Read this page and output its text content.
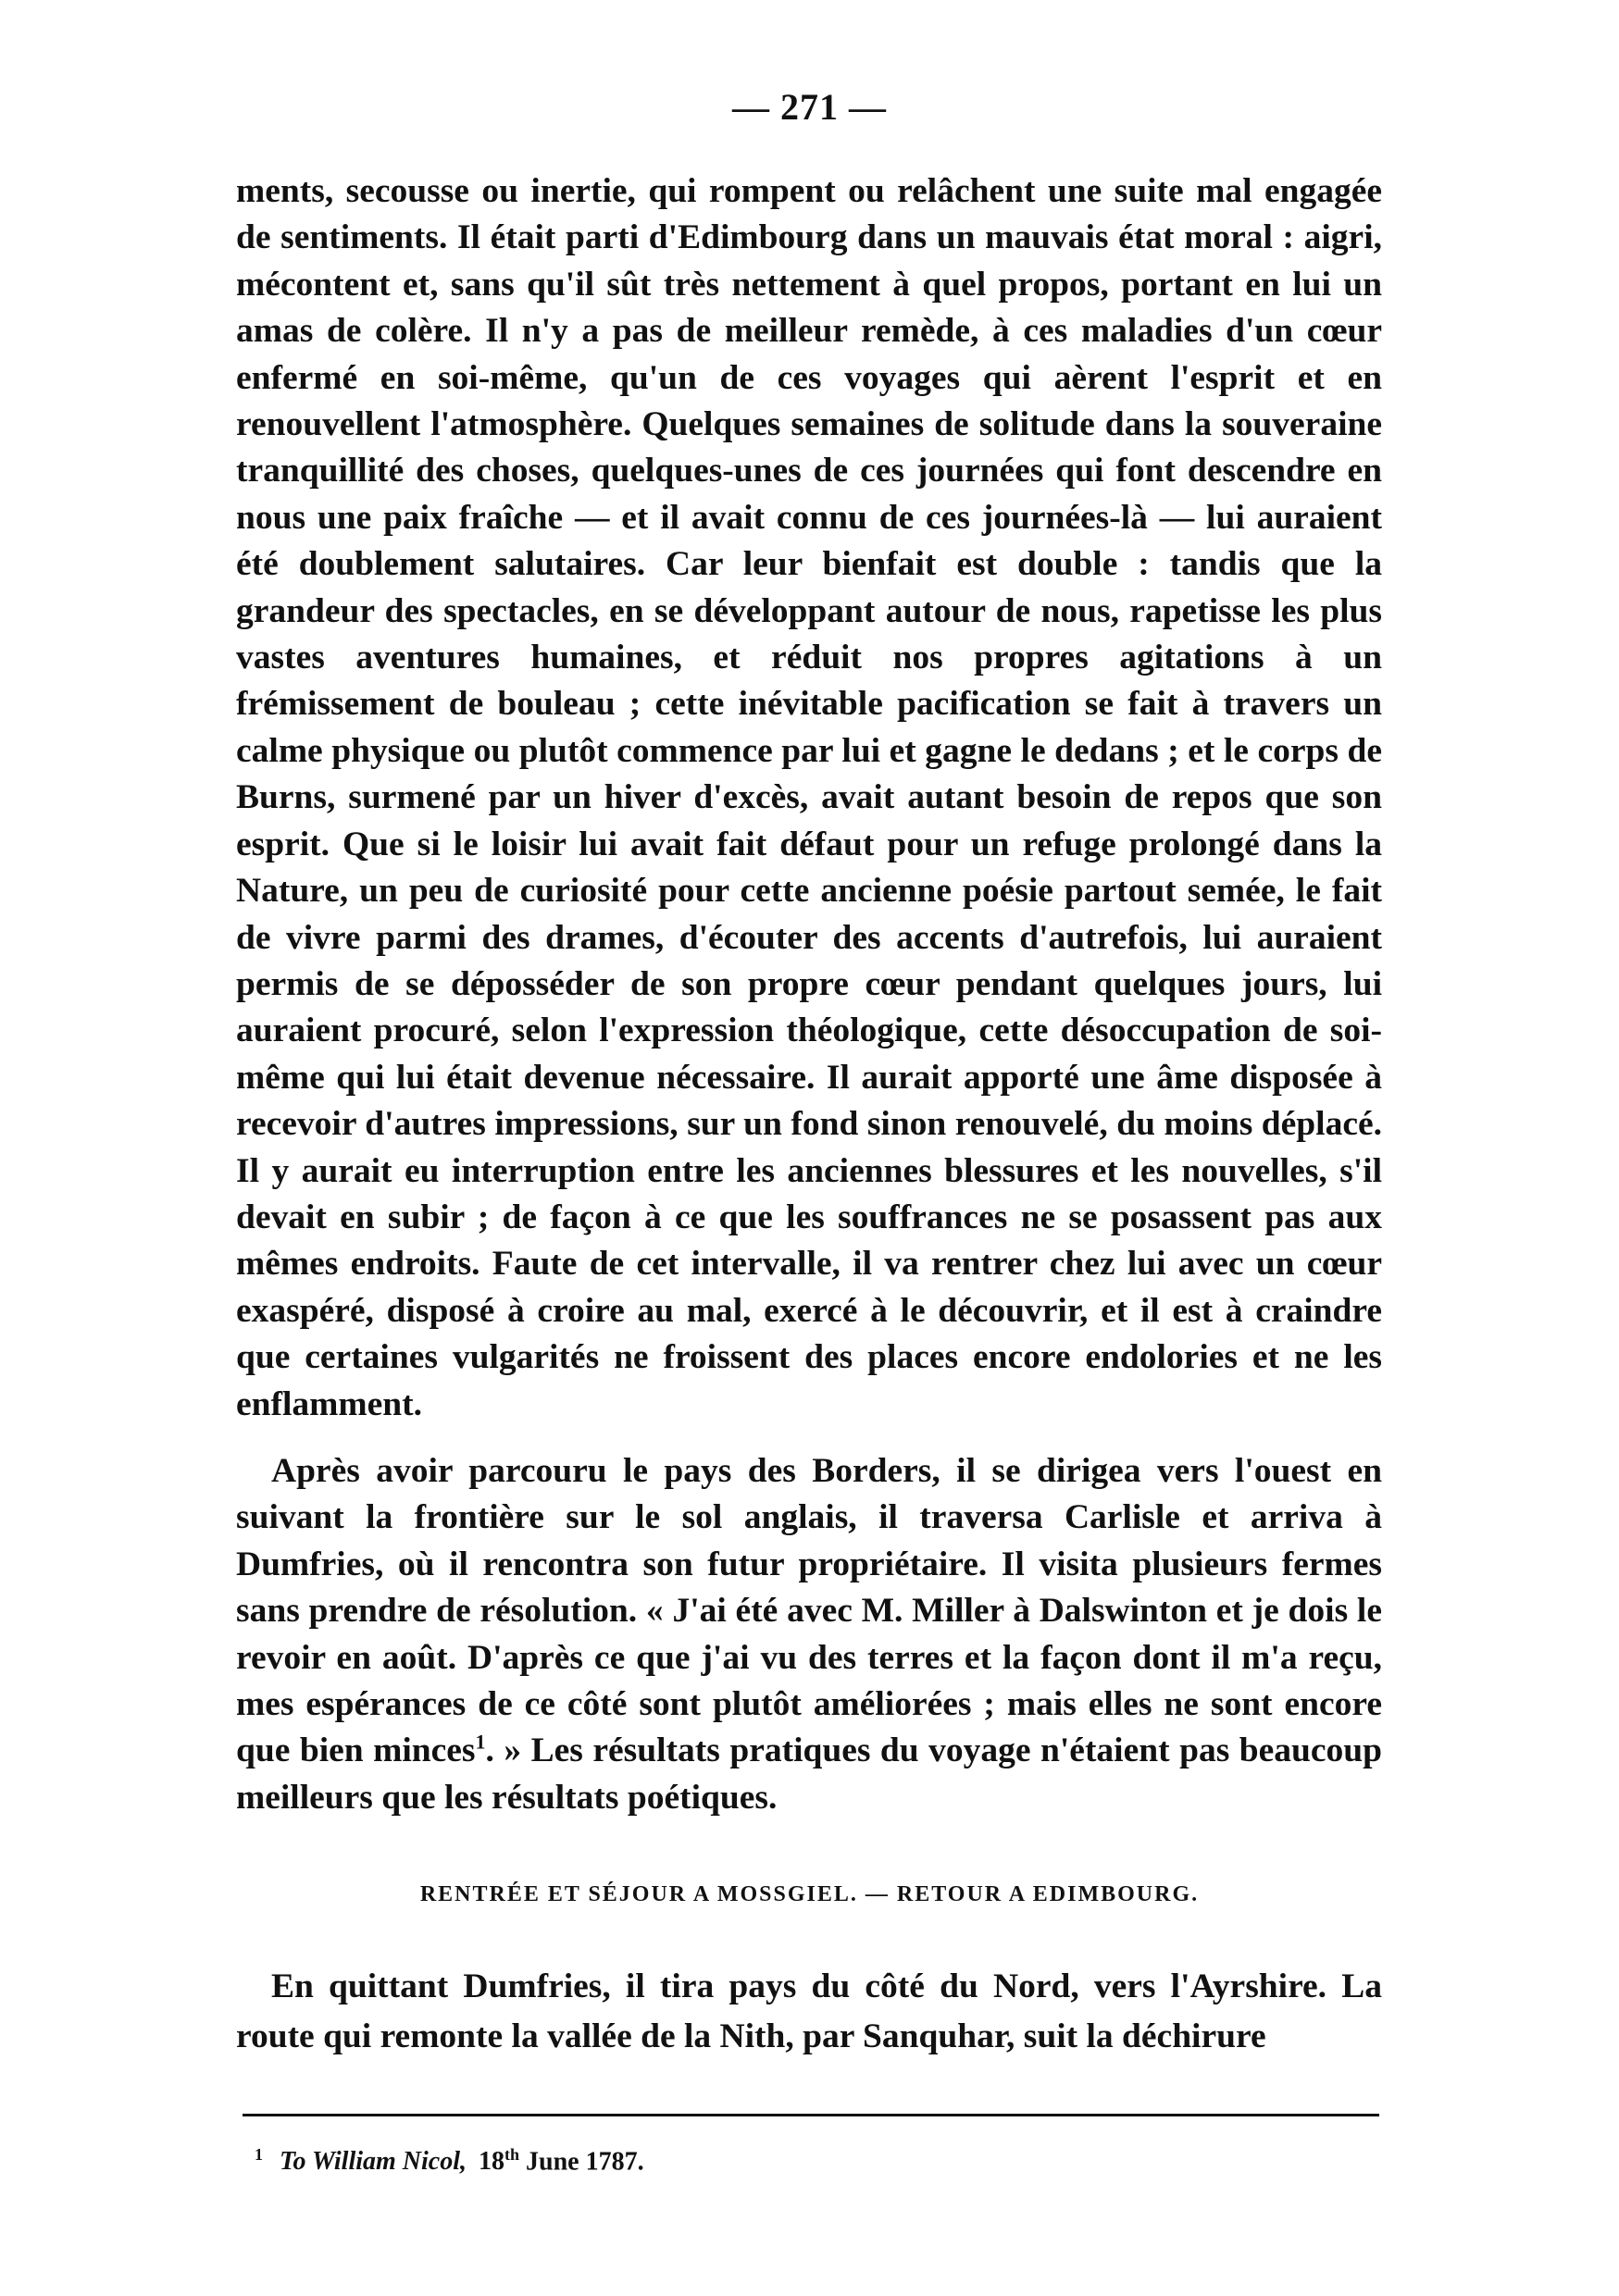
— 271 —

ments, secousse ou inertie, qui rompent ou relâchent une suite mal engagée de sentiments. Il était parti d'Edimbourg dans un mauvais état moral : aigri, mécontent et, sans qu'il sût très nettement à quel propos, portant en lui un amas de colère. Il n'y a pas de meilleur remède, à ces maladies d'un cœur enfermé en soi-même, qu'un de ces voyages qui aèrent l'esprit et en renouvellent l'atmosphère. Quelques semaines de solitude dans la souveraine tranquillité des choses, quelques-unes de ces journées qui font descendre en nous une paix fraîche — et il avait connu de ces journées-là — lui auraient été doublement salutaires. Car leur bienfait est double : tandis que la grandeur des spectacles, en se développant autour de nous, rapetisse les plus vastes aventures humaines, et réduit nos propres agitations à un frémissement de bouleau ; cette inévitable pacification se fait à travers un calme physique ou plutôt commence par lui et gagne le dedans ; et le corps de Burns, surmené par un hiver d'excès, avait autant besoin de repos que son esprit. Que si le loisir lui avait fait défaut pour un refuge prolongé dans la Nature, un peu de curiosité pour cette ancienne poésie partout semée, le fait de vivre parmi des drames, d'écouter des accents d'autrefois, lui auraient permis de se déposséder de son propre cœur pendant quelques jours, lui auraient procuré, selon l'expression théologique, cette désoccupation de soi-même qui lui était devenue nécessaire. Il aurait apporté une âme disposée à recevoir d'autres impressions, sur un fond sinon renouvelé, du moins déplacé. Il y aurait eu interruption entre les anciennes blessures et les nouvelles, s'il devait en subir ; de façon à ce que les souffrances ne se posassent pas aux mêmes endroits. Faute de cet intervalle, il va rentrer chez lui avec un cœur exaspéré, disposé à croire au mal, exercé à le découvrir, et il est à craindre que certaines vulgarités ne froissent des places encore endolories et ne les enflamment.

Après avoir parcouru le pays des Borders, il se dirigea vers l'ouest en suivant la frontière sur le sol anglais, il traversa Carlisle et arriva à Dumfries, où il rencontra son futur propriétaire. Il visita plusieurs fermes sans prendre de résolution. « J'ai été avec M. Miller à Dalswinton et je dois le revoir en août. D'après ce que j'ai vu des terres et la façon dont il m'a reçu, mes espérances de ce côté sont plutôt améliorées ; mais elles ne sont encore que bien minces$^1$. » Les résultats pratiques du voyage n'étaient pas beaucoup meilleurs que les résultats poétiques.

RENTRÉE ET SÉJOUR A MOSSGIEL. — RETOUR A EDIMBOURG.

En quittant Dumfries, il tira pays du côté du Nord, vers l'Ayrshire. La route qui remonte la vallée de la Nith, par Sanquhar, suit la déchirure

$^1$ To William Nicol, 18th June 1787.
